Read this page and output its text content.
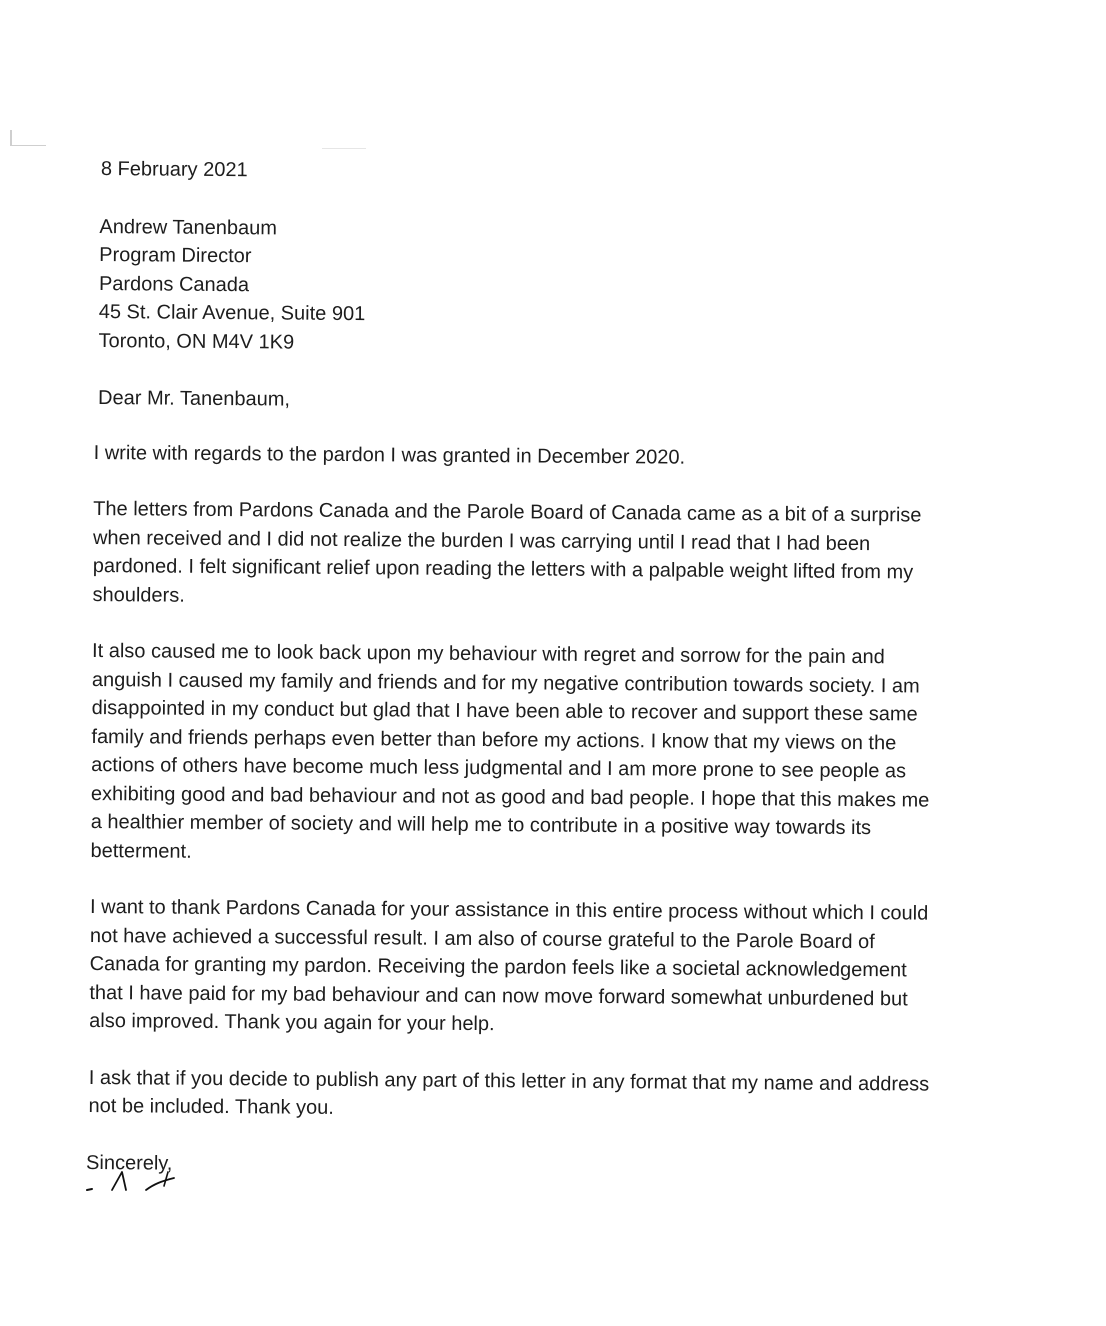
8 February 2021
Andrew Tanenbaum
Program Director
Pardons Canada
45 St. Clair Avenue, Suite 901
Toronto, ON M4V 1K9
Dear Mr. Tanenbaum,
I write with regards to the pardon I was granted in December 2020.
The letters from Pardons Canada and the Parole Board of Canada came as a bit of a surprise
when received and I did not realize the burden I was carrying until I read that I had been
pardoned. I felt significant relief upon reading the letters with a palpable weight lifted from my
shoulders.
It also caused me to look back upon my behaviour with regret and sorrow for the pain and
anguish I caused my family and friends and for my negative contribution towards society. I am
disappointed in my conduct but glad that I have been able to recover and support these same
family and friends perhaps even better than before my actions. I know that my views on the
actions of others have become much less judgmental and I am more prone to see people as
exhibiting good and bad behaviour and not as good and bad people. I hope that this makes me
a healthier member of society and will help me to contribute in a positive way towards its
betterment.
I want to thank Pardons Canada for your assistance in this entire process without which I could
not have achieved a successful result. I am also of course grateful to the Parole Board of
Canada for granting my pardon. Receiving the pardon feels like a societal acknowledgement
that I have paid for my bad behaviour and can now move forward somewhat unburdened but
also improved. Thank you again for your help.
I ask that if you decide to publish any part of this letter in any format that my name and address
not be included. Thank you.
Sincerely,
